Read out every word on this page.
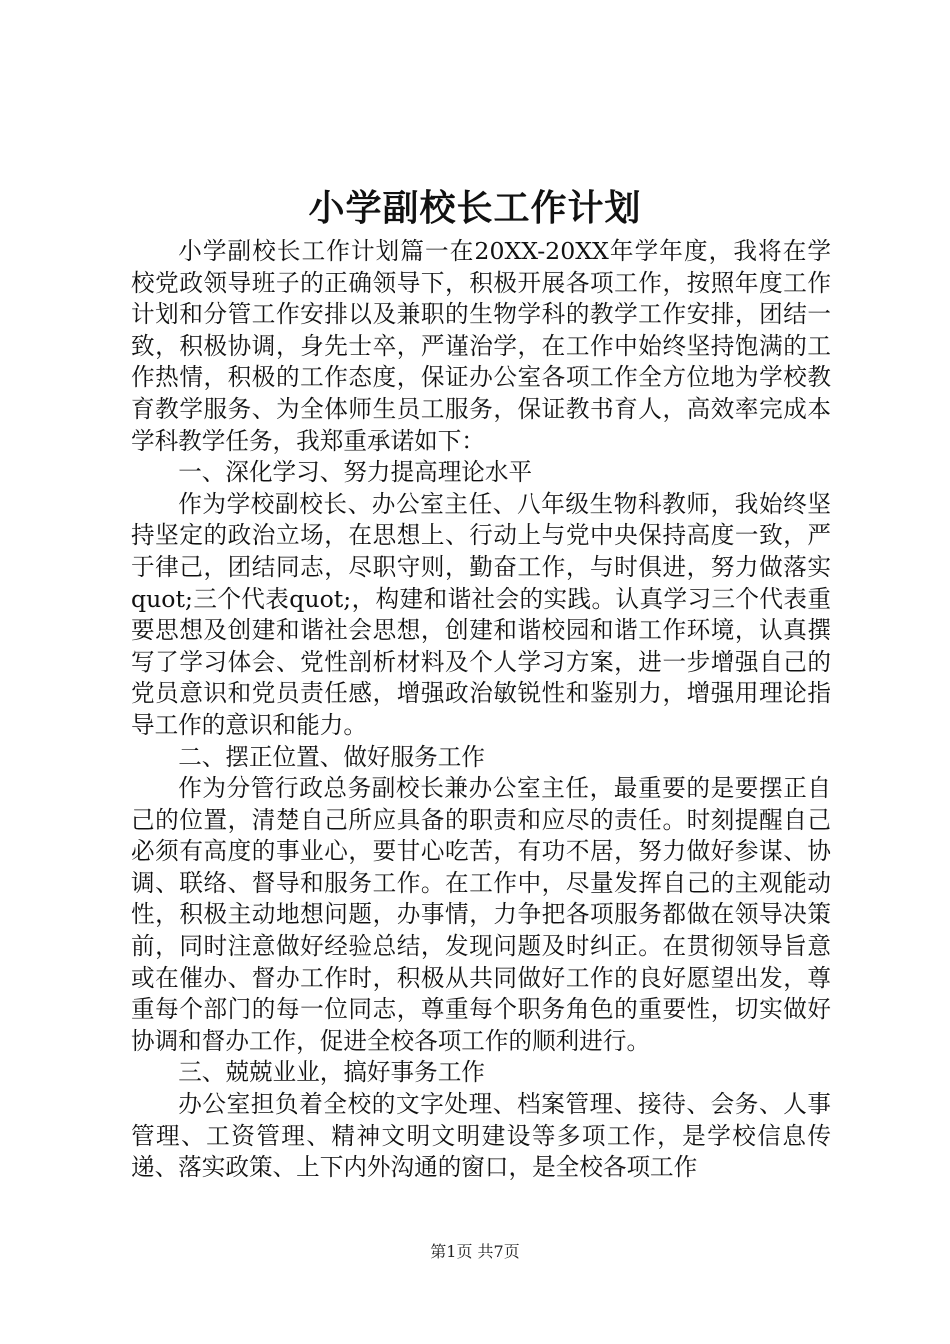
小学副校长工作计划

小学副校长工作计划篇一在20XX-20XX年学年度，我将在学校党政领导班子的正确领导下，积极开展各项工作，按照年度工作计划和分管工作安排以及兼职的生物学科的教学工作安排，团结一致，积极协调，身先士卒，严谨治学，在工作中始终坚持饱满的工作热情，积极的工作态度，保证办公室各项工作全方位地为学校教育教学服务、为全体师生员工服务，保证教书育人，高效率完成本学科教学任务，我郑重承诺如下：

一、深化学习、努力提高理论水平

作为学校副校长、办公室主任、八年级生物科教师，我始终坚持坚定的政治立场，在思想上、行动上与党中央保持高度一致，严于律己，团结同志，尽职守则，勤奋工作，与时俱进，努力做落实quot;三个代表quot;，构建和谐社会的实践。认真学习三个代表重要思想及创建和谐社会思想，创建和谐校园和谐工作环境，认真撰写了学习体会、党性剖析材料及个人学习方案，进一步增强自己的党员意识和党员责任感，增强政治敏锐性和鉴别力，增强用理论指导工作的意识和能力。

二、摆正位置、做好服务工作

作为分管行政总务副校长兼办公室主任，最重要的是要摆正自己的位置，清楚自己所应具备的职责和应尽的责任。时刻提醒自己必须有高度的事业心，要甘心吃苦，有功不居，努力做好参谋、协调、联络、督导和服务工作。在工作中，尽量发挥自己的主观能动性，积极主动地想问题，办事情，力争把各项服务都做在领导决策前，同时注意做好经验总结，发现问题及时纠正。在贯彻领导旨意或在催办、督办工作时，积极从共同做好工作的良好愿望出发，尊重每个部门的每一位同志，尊重每个职务角色的重要性，切实做好协调和督办工作，促进全校各项工作的顺利进行。

三、兢兢业业，搞好事务工作

办公室担负着全校的文字处理、档案管理、接待、会务、人事管理、工资管理、精神文明文明建设等多项工作，是学校信息传递、落实政策、上下内外沟通的窗口，是全校各项工作

第1页 共7页
